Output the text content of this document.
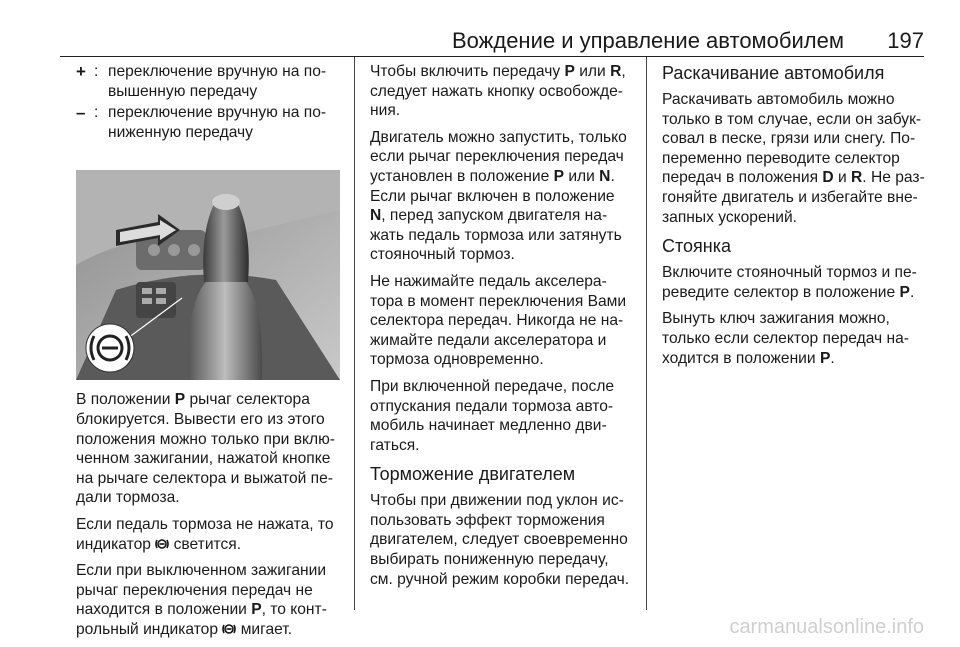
Вождение и управление автомобилем 197
+ : переключение вручную на повышенную передачу
– : переключение вручную на пониженную передачу

В положении P рычаг селектора блокируется. Вывести его из этого положения можно только при включенном зажигании, нажатой кнопке на рычаге селектора и выжатой педали тормоза.

Если педаль тормоза не нажата, то индикатор  светится.

Если при выключенном зажигании рычаг переключения передач не находится в положении P, то контрольный индикатор  мигает.

Чтобы включить передачу P или R, следует нажать кнопку освобождения.

Двигатель можно запустить, только если рычаг переключения передач установлен в положение P или N. Если рычаг включен в положение N, перед запуском двигателя нажать педаль тормоза или затянуть стояночный тормоз.

Не нажимайте педаль акселератора в момент переключения Вами селектора передач. Никогда не нажимайте педали акселератора и тормоза одновременно.

При включенной передаче, после отпускания педали тормоза автомобиль начинает медленно двигаться.

Торможение двигателем

Чтобы при движении под уклон использовать эффект торможения двигателем, следует своевременно выбирать пониженную передачу, см. ручной режим коробки передач.

Раскачивание автомобиля

Раскачивать автомобиль можно только в том случае, если он забуксовал в песке, грязи или снегу. Попеременно переводите селектор передач в положения D и R. Не разгоняйте двигатель и избегайте внезапных ускорений.

Стоянка

Включите стояночный тормоз и переведите селектор в положение P.

Вынуть ключ зажигания можно, только если селектор передач находится в положении P.

carmanualsonline.info
